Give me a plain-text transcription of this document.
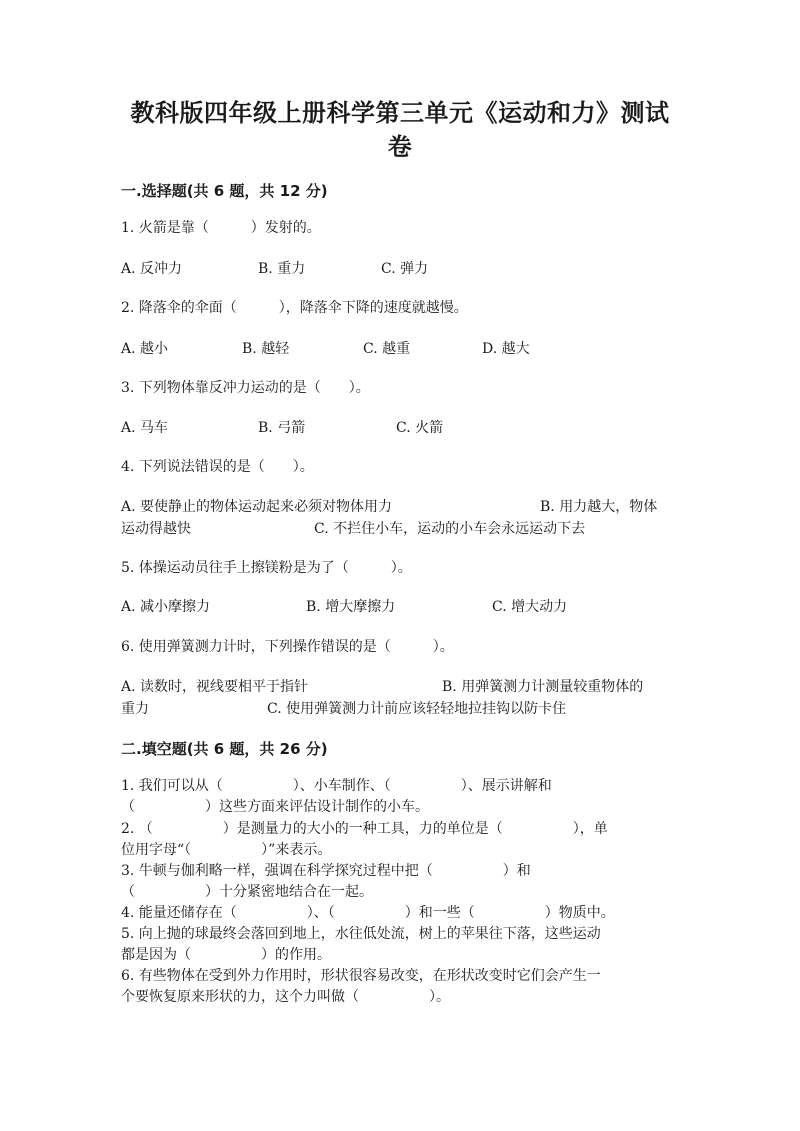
教科版四年级上册科学第三单元《运动和力》测试
卷
一.选择题(共 6 题，共 12 分)
1. 火箭是靠（　　　）发射的。
A. 反冲力	B. 重力	C. 弹力
2. 降落伞的伞面（　　　），降落伞下降的速度就越慢。
A. 越小	B. 越轻	C. 越重	D. 越大
3. 下列物体靠反冲力运动的是（　　）。
A. 马车	B. 弓箭	C. 火箭
4. 下列说法错误的是（　　）。
A. 要使静止的物体运动起来必须对物体用力	B. 用力越大，物体
运动得越快	C. 不拦住小车，运动的小车会永远运动下去
5. 体操运动员往手上擦镁粉是为了（　　　）。
A. 减小摩擦力	B. 增大摩擦力	C. 增大动力
6. 使用弹簧测力计时，下列操作错误的是（　　　）。
A. 读数时，视线要相平于指针	B. 用弹簧测力计测量较重物体的
重力	C. 使用弹簧测力计前应该轻轻地拉挂钩以防卡住
二.填空题(共 6 题，共 26 分)
1. 我们可以从（　　　　　）、小车制作、（　　　　　）、展示讲解和
（　　　　　）这些方面来评估设计制作的小车。
2. （　　　　　）是测量力的大小的一种工具，力的单位是（　　　　　），单
位用字母“（　　　　　）”来表示。
3. 牛顿与伽利略一样，强调在科学探究过程中把（　　　　　）和
（　　　　　）十分紧密地结合在一起。
4. 能量还储存在（　　　　　）、（　　　　　）和一些（　　　　　）物质中。
5. 向上抛的球最终会落回到地上，水往低处流，树上的苹果往下落，这些运动
都是因为（　　　　　）的作用。
6. 有些物体在受到外力作用时，形状很容易改变，在形状改变时它们会产生一
个要恢复原来形状的力，这个力叫做（　　　　　）。
